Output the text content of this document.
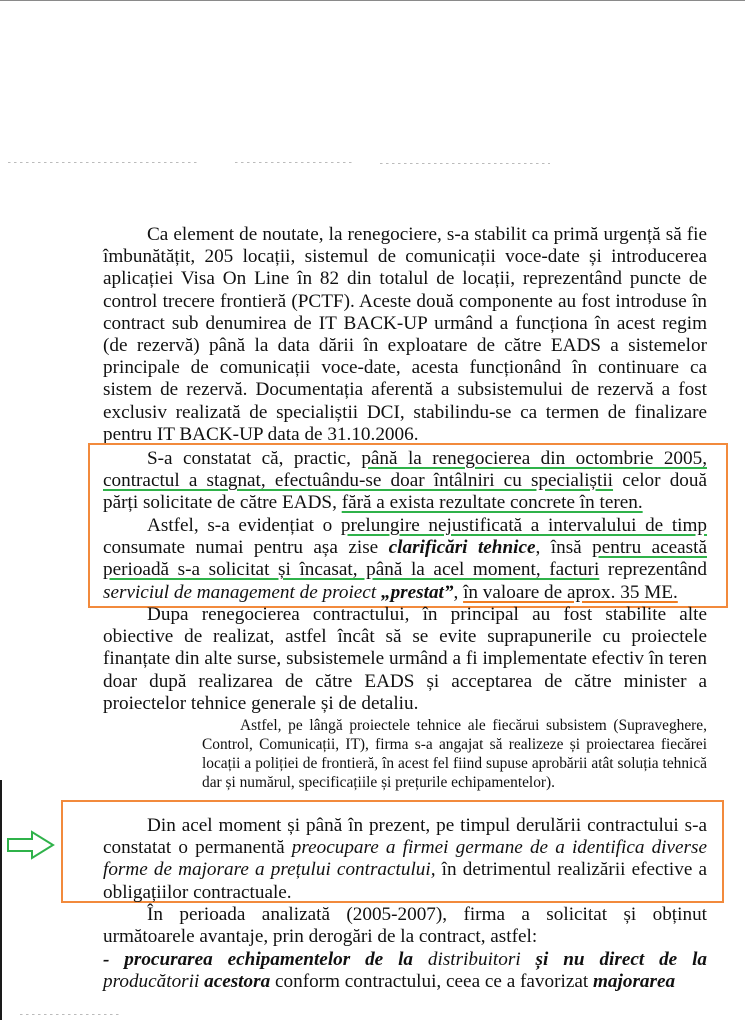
Ca element de noutate, la renegociere, s-a stabilit ca primă urgență să fie îmbunătățit, 205 locații, sistemul de comunicații voce-date și introducerea aplicației Visa On Line în 82 din totalul de locații, reprezentând puncte de control trecere frontieră (PCTF). Aceste două componente au fost introduse în contract sub denumirea de IT BACK-UP urmând a funcționa în acest regim (de rezervă) până la data dării în exploatare de către EADS a sistemelor principale de comunicații voce-date, acesta funcționând în continuare ca sistem de rezervă. Documentația aferentă a subsistemului de rezervă a fost exclusiv realizată de specialiștii DCI, stabilindu-se ca termen de finalizare pentru IT BACK-UP data de 31.10.2006.

S-a constatat că, practic, până la renegocierea din octombrie 2005, contractul a stagnat, efectuându-se doar întâlniri cu specialiștii celor două părți solicitate de către EADS, fără a exista rezultate concrete în teren.

Astfel, s-a evidențiat o prelungire nejustificată a intervalului de timp consumate numai pentru așa zise clarificări tehnice, însă pentru această perioadă s-a solicitat și încasat, până la acel moment, facturi reprezentând serviciul de management de proiect „prestat”, în valoare de aprox. 35 ME.

Dupa renegocierea contractului, în principal au fost stabilite alte obiective de realizat, astfel încât să se evite suprapunerile cu proiectele finanțate din alte surse, subsistemele urmând a fi implementate efectiv în teren doar după realizarea de către EADS și acceptarea de către minister a proiectelor tehnice generale și de detaliu.

Astfel, pe lângă proiectele tehnice ale fiecărui subsistem (Supraveghere, Control, Comunicații, IT), firma s-a angajat să realizeze și proiectarea fiecărei locații a poliției de frontieră, în acest fel fiind supuse aprobării atât soluția tehnică dar și numărul, specificațiile și prețurile echipamentelor).

Din acel moment și până în prezent, pe timpul derulării contractului s-a constatat o permanentă preocupare a firmei germane de a identifica diverse forme de majorare a prețului contractului, în detrimentul realizării efective a obligațiilor contractuale.

În perioada analizată (2005-2007), firma a solicitat și obținut următoarele avantaje, prin derogări de la contract, astfel:

- procurarea echipamentelor de la distribuitori și nu direct de la producătorii acestora conform contractului, ceea ce a favorizat majorarea
